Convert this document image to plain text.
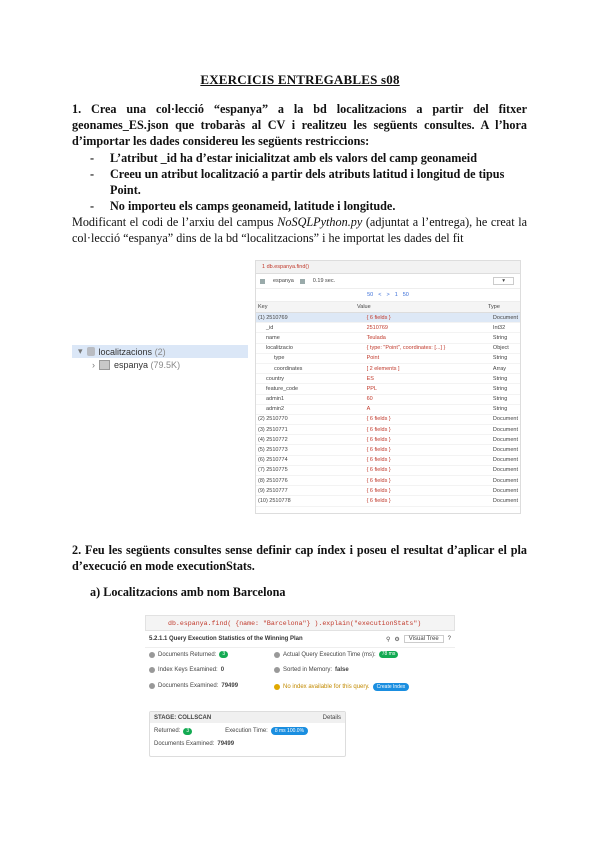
EXERCICIS ENTREGABLES s08
1. Crea una col·lecció “espanya” a la bd localitzacions a partir del fitxer geonames_ES.json que trobaràs al CV i realitzeu les següents consultes. A l’hora d’importar les dades considereu les següents restriccions:
- L’atribut _id ha d’estar inicialitzat amb els valors del camp geonameid
- Creeu un atribut localització a partir dels atributs latitud i longitud de tipus Point.
- No importeu els camps geonameid, latitude i longitude.
Modificant el codi de l’arxiu del campus NoSQLPython.py (adjuntat a l’entrega), he creat la col·lecció “espanya” dins de la bd “localitzacions” i he importat les dades del fit
▾ localitzacions
(2)
› espanya
(79.5K)
1 db.espanya.find()
espanya	0.19 sec.	▾
50 < > 1 50
Key	Value	Type
(1) 2510769	{ 6 fields }	Document
_id	2510769	Int32
name	Teulada	String
localitzacio	{ type: "Point", coordinates: [...] }	Object
type	Point	String
coordinates	[ 2 elements ]	Array
country	ES	String
feature_code	PPL	String
admin1	60	String
admin2	A	String
(2) 2510770	{ 6 fields }	Document
(3) 2510771	{ 6 fields }	Document
(4) 2510772	{ 6 fields }	Document
(5) 2510773	{ 6 fields }	Document
(6) 2510774	{ 6 fields }	Document
(7) 2510775	{ 6 fields }	Document
(8) 2510776	{ 6 fields }	Document
(9) 2510777	{ 6 fields }	Document
(10) 2510778	{ 6 fields }	Document
2. Feu les següents consultes sense definir cap índex i poseu el resultat d’aplicar el pla d’execució en mode executionStats.
a) Localitzacions amb nom Barcelona
db.espanya.find( {name: "Barcelona"} ).explain("executionStats")
5.2.1.1 Query Execution Statistics of the Winning Plan	⚲ ⚙	Visual Tree	?
Documents Returned:	3	Actual Query Execution Time (ms):	78 ms
Index Keys Examined: 0	Sorted in Memory: false
Documents Examined: 79499	No index available for this query.	Create Index
STAGE: COLLSCAN	Details
Returned:	3	Execution Time:	8 ms 100.0%
Documents Examined: 79499
